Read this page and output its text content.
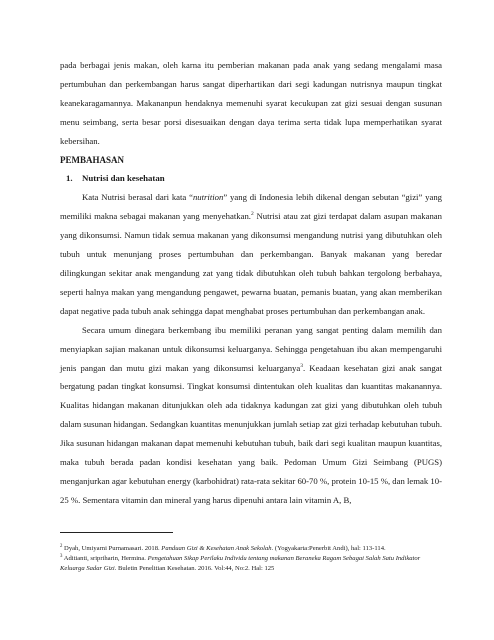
pada berbagai jenis makan, oleh karna itu pemberian makanan pada anak yang sedang mengalami masa pertumbuhan dan perkembangan harus sangat diperhartikan dari segi kadungan nutrisnya maupun tingkat keanekaragamannya. Makananpun hendaknya memenuhi syarat kecukupan zat gizi sesuai dengan susunan menu seimbang, serta besar porsi disesuaikan dengan daya terima serta tidak lupa memperhatikan syarat kebersihan.

PEMBAHASAN
1. Nutrisi dan kesehatan

Kata Nutrisi berasal dari kata “nutrition” yang di Indonesia lebih dikenal dengan sebutan “gizi” yang memiliki makna sebagai makanan yang menyehatkan.$^2$ Nutrisi atau zat gizi terdapat dalam asupan makanan yang dikonsumsi. Namun tidak semua makanan yang dikonsumsi mengandung nutrisi yang dibutuhkan oleh tubuh untuk menunjang proses pertumbuhan dan perkembangan. Banyak makanan yang beredar dilingkungan sekitar anak mengandung zat yang tidak dibutuhkan oleh tubuh bahkan tergolong berbahaya, seperti halnya makan yang mengandung pengawet, pewarna buatan, pemanis buatan, yang akan memberikan dapat negative pada tubuh anak sehingga dapat menghabat proses pertumbuhan dan perkembangan anak.

Secara umum dinegara berkembang ibu memiliki peranan yang sangat penting dalam memilih dan menyiapkan sajian makanan untuk dikonsumsi keluarganya. Sehingga pengetahuan ibu akan mempengaruhi jenis pangan dan mutu gizi makan yang dikonsumsi keluarganya$^3$. Keadaan kesehatan gizi anak sangat bergatung padan tingkat konsumsi. Tingkat konsumsi dintentukan oleh kualitas dan kuantitas makanannya. Kualitas hidangan makanan ditunjukkan oleh ada tidaknya kadungan zat gizi yang dibutuhkan oleh tubuh dalam susunan hidangan. Sedangkan kuantitas menunjukkan jumlah setiap zat gizi terhadap kebutuhan tubuh. Jika susunan hidangan makanan dapat memenuhi kebutuhan tubuh, baik dari segi kualitan maupun kuantitas, maka tubuh berada padan kondisi kesehatan yang baik. Pedoman Umum Gizi Seimbang (PUGS) menganjurkan agar kebutuhan energy (karbohidrat) rata-rata sekitar 60-70 %, protein 10-15 %, dan lemak 10-25 %. Sementara vitamin dan mineral yang harus dipenuhi antara lain vitamin A, B,

$^2$ Dyah, Umiyarni Purnamasari. 2018. Panduan Gizi & Kesehatan Anak Sekolah. (Yogyakarta:Penerbit Andi), hal: 113-114.
$^3$ Aditianti, sripriharin, Hermina. Pengetahuan Sikap Perilaku Individu tentang makanan Beraneka Ragam Sebagai Salah Satu Indikator Keluarga Sadar Gizi. Buletin Penelitian Kesehatan. 2016. Vol:44, No:2. Hal: 125
